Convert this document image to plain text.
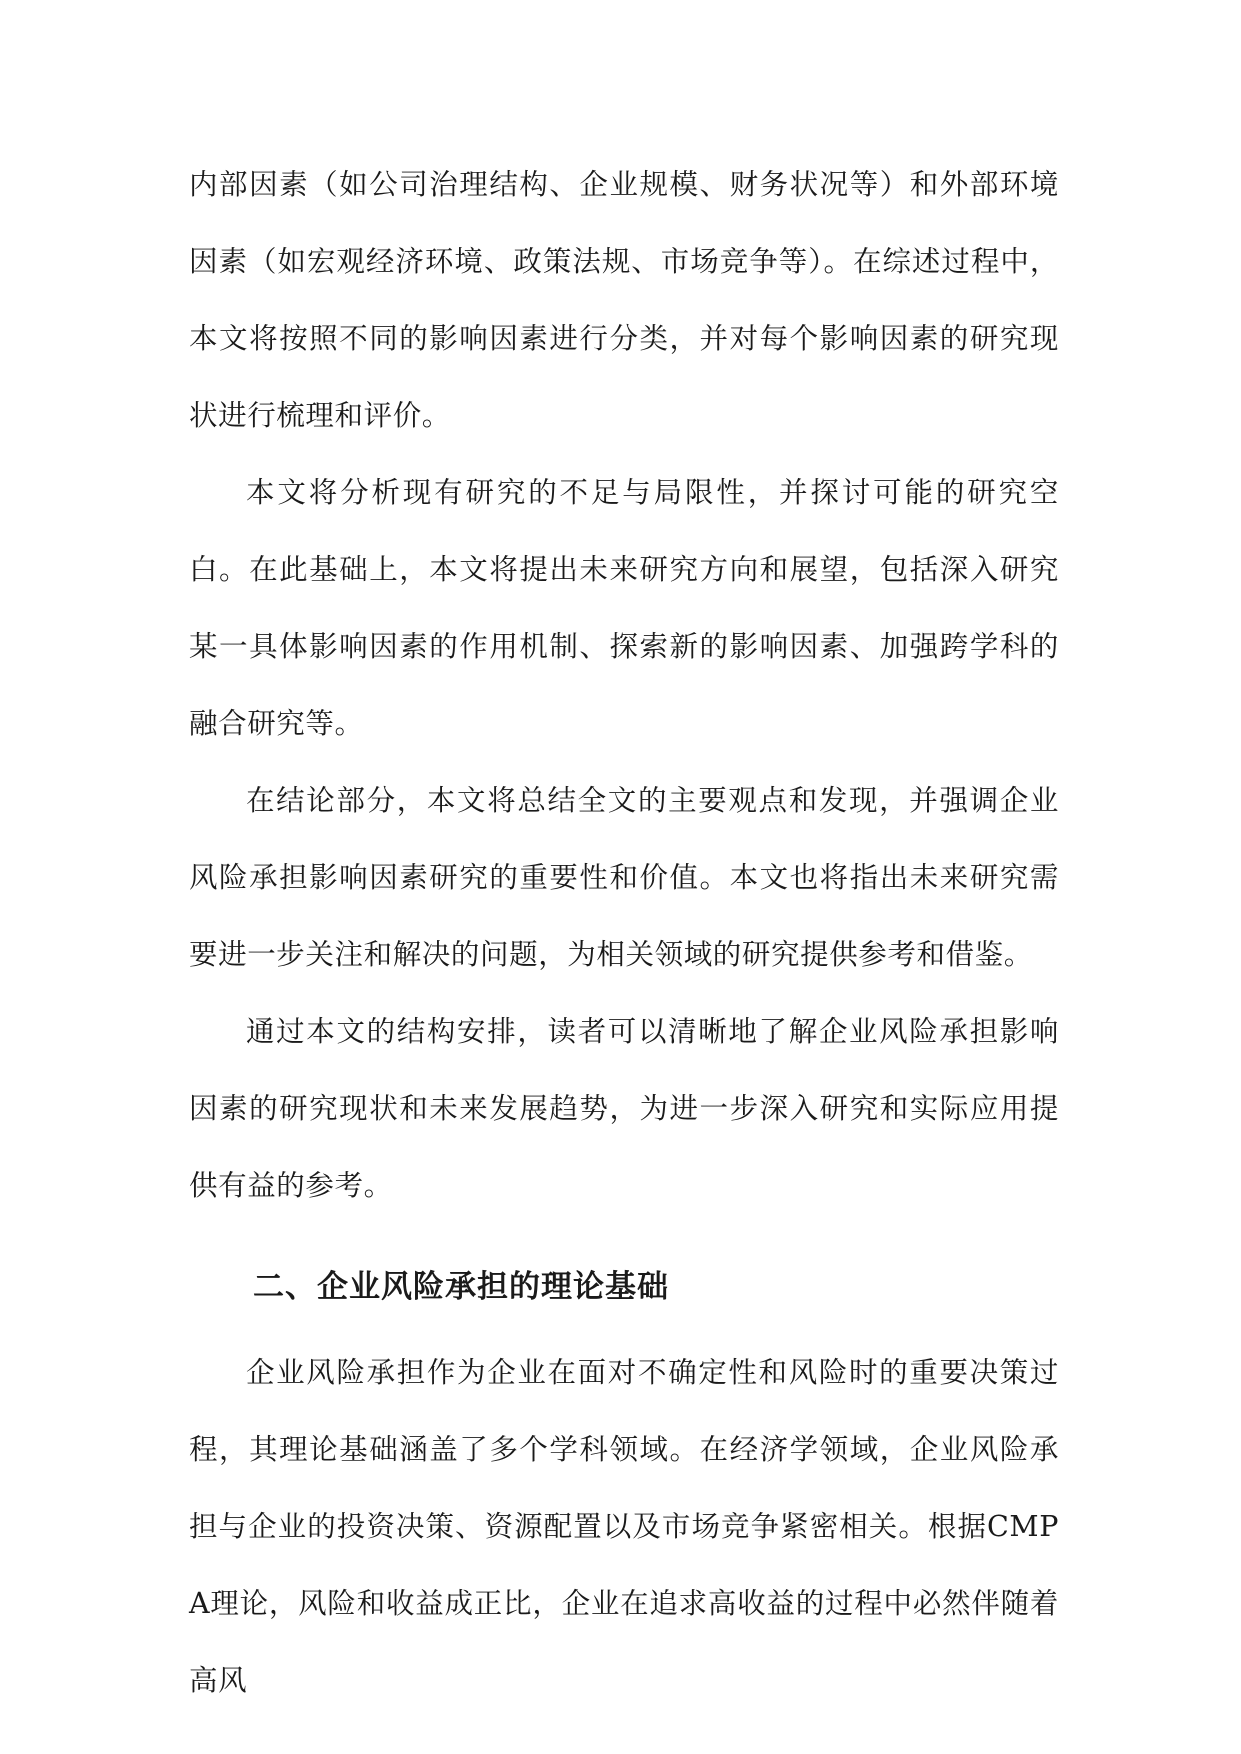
内部因素（如公司治理结构、企业规模、财务状况等）和外部环境因素（如宏观经济环境、政策法规、市场竞争等）。在综述过程中，本文将按照不同的影响因素进行分类，并对每个影响因素的研究现状进行梳理和评价。

本文将分析现有研究的不足与局限性，并探讨可能的研究空白。在此基础上，本文将提出未来研究方向和展望，包括深入研究某一具体影响因素的作用机制、探索新的影响因素、加强跨学科的融合研究等。

在结论部分，本文将总结全文的主要观点和发现，并强调企业风险承担影响因素研究的重要性和价值。本文也将指出未来研究需要进一步关注和解决的问题，为相关领域的研究提供参考和借鉴。

通过本文的结构安排，读者可以清晰地了解企业风险承担影响因素的研究现状和未来发展趋势，为进一步深入研究和实际应用提供有益的参考。

二、企业风险承担的理论基础

企业风险承担作为企业在面对不确定性和风险时的重要决策过程，其理论基础涵盖了多个学科领域。在经济学领域，企业风险承担与企业的投资决策、资源配置以及市场竞争紧密相关。根据CMPA理论，风险和收益成正比，企业在追求高收益的过程中必然伴随着高风
